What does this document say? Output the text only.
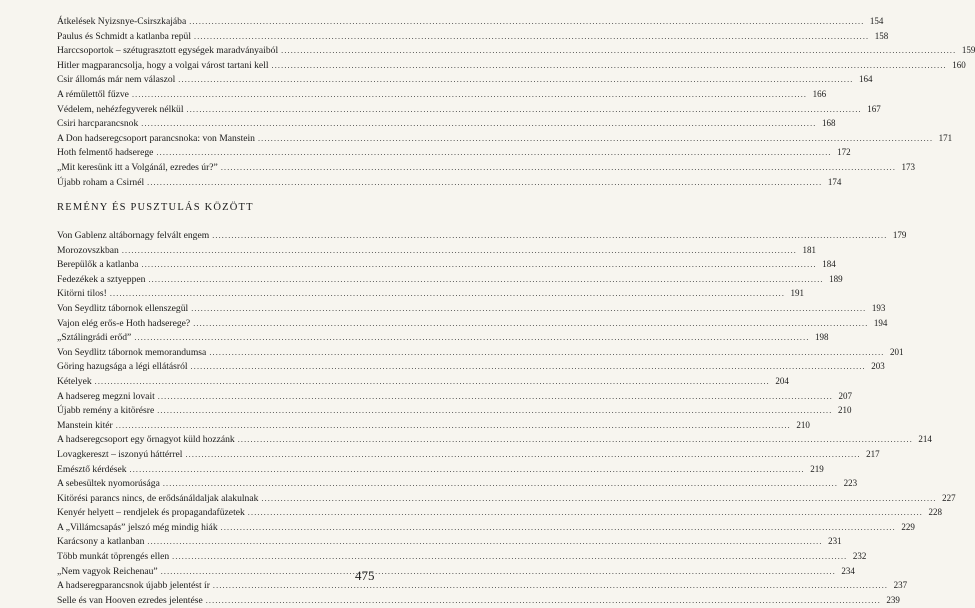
Átkelések Nyizsnye-Csirszkajába .....	154
Paulus és Schmidt a katlanba repül .....	158
Harccsoportok – szétugrasztott egységek maradványaiból .....	159
Hitler magparancsolja, hogy a volgai várost tartani kell .....	160
Csir állomás már nem válaszol .....	164
A rémülettől fűzve .....	166
Védelem, nehézfegyverek nélkül .....	167
Csiri harcparancsnok .....	168
A Don hadseregcsoport parancsnoka: von Manstein .....	171
Hoth felmentő hadserege .....	172
„Mit keresünk itt a Volgánál, ezredes úr?” .....	173
Újabb roham a Csirnél .....	174
REMÉNY ÉS PUSZTULÁS KÖZÖTT
Von Gablenz altábornagy felvált engem .....	179
Morozovszkban .....	181
Berepülők a katlanba .....	184
Fedezékek a sztyeppen .....	189
Kitörni tilos! .....	191
Von Seydlitz tábornok ellenszegül .....	193
Vajon elég erős-e Hoth hadserege? .....	194
„Sztálingrádi erőd” .....	198
Von Seydlitz tábornok memorandumsa .....	201
Göring hazugsága a légi ellátásról .....	203
Kételyek .....	204
A hadsereg megzni lovait .....	207
Újabb remény a kitörésre .....	210
Manstein kitér .....	210
A hadseregcsoport egy őrnagyot küld hozzánk .....	214
Lovagkereszt – iszonyú háttérrel .....	217
Emésztő kérdések .....	219
A sebesültek nyomorúsága .....	223
Kitörési parancs nincs, de erődsánáldaljak alakulnak .....	227
Kenyér helyett – rendjelek és propagandafüzetek .....	228
A „Villámcsapás” jelszó még mindig hiák .....	229
Karácsony a katlanban .....	231
Több munkát töprengés ellen .....	232
„Nem vagyok Reichenau” .....	234
A hadseregparancsnok újabb jelentést ír .....	237
Selle és van Hooven ezredes jelentése .....	239
475
